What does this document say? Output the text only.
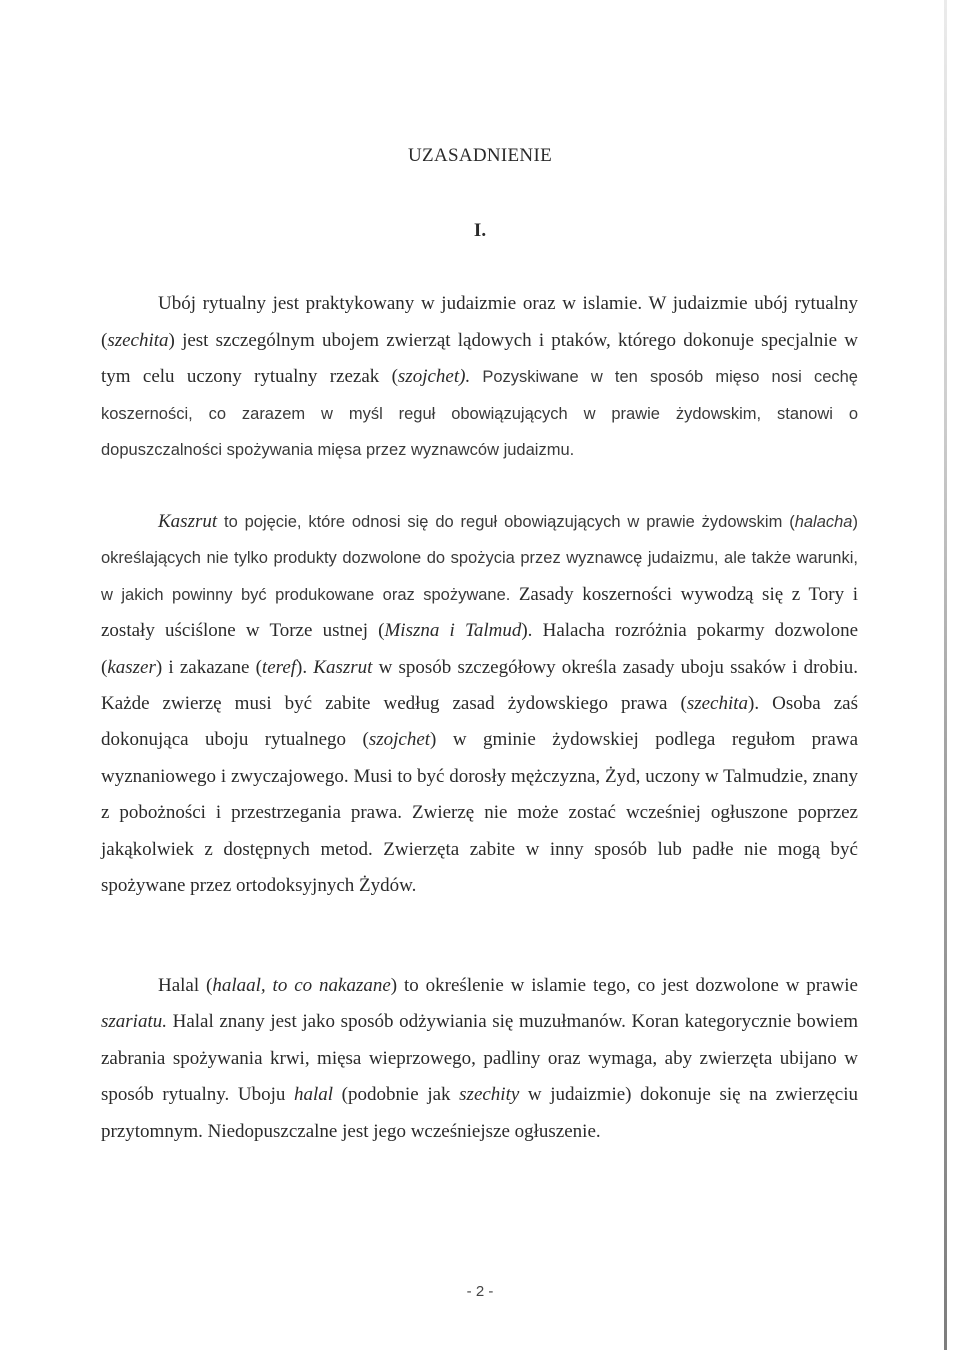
UZASADNIENIE
I.

Ubój rytualny jest praktykowany w judaizmie oraz w islamie. W judaizmie ubój rytualny (szechita) jest szczególnym ubojem zwierząt lądowych i ptaków, którego dokonuje specjalnie w tym celu uczony rytualny rzezak (szojchet). Pozyskiwane w ten sposób mięso nosi cechę koszerności, co zarazem w myśl reguł obowiązujących w prawie żydowskim, stanowi o dopuszczalności spożywania mięsa przez wyznawców judaizmu.

Kaszrut to pojęcie, które odnosi się do reguł obowiązujących w prawie żydowskim (halacha) określających nie tylko produkty dozwolone do spożycia przez wyznawcę judaizmu, ale także warunki, w jakich powinny być produkowane oraz spożywane. Zasady koszerności wywodzą się z Tory i zostały uściślone w Torze ustnej (Miszna i Talmud). Halacha rozróżnia pokarmy dozwolone (kaszer) i zakazane (teref). Kaszrut w sposób szczegółowy określa zasady uboju ssaków i drobiu. Każde zwierzę musi być zabite według zasad żydowskiego prawa (szechita). Osoba zaś dokonująca uboju rytualnego (szojchet) w gminie żydowskiej podlega regułom prawa wyznaniowego i zwyczajowego. Musi to być dorosły mężczyzna, Żyd, uczony w Talmudzie, znany z pobożności i przestrzegania prawa. Zwierzę nie może zostać wcześniej ogłuszone poprzez jakąkolwiek z dostępnych metod. Zwierzęta zabite w inny sposób lub padłe nie mogą być spożywane przez ortodoksyjnych Żydów.

Halal (halaal, to co nakazane) to określenie w islamie tego, co jest dozwolone w prawie szariatu. Halal znany jest jako sposób odżywiania się muzułmanów. Koran kategorycznie bowiem zabrania spożywania krwi, mięsa wieprzowego, padliny oraz wymaga, aby zwierzęta ubijano w sposób rytualny. Uboju halal (podobnie jak szechity w judaizmie) dokonuje się na zwierzęciu przytomnym. Niedopuszczalne jest jego wcześniejsze ogłuszenie.

- 2 -
